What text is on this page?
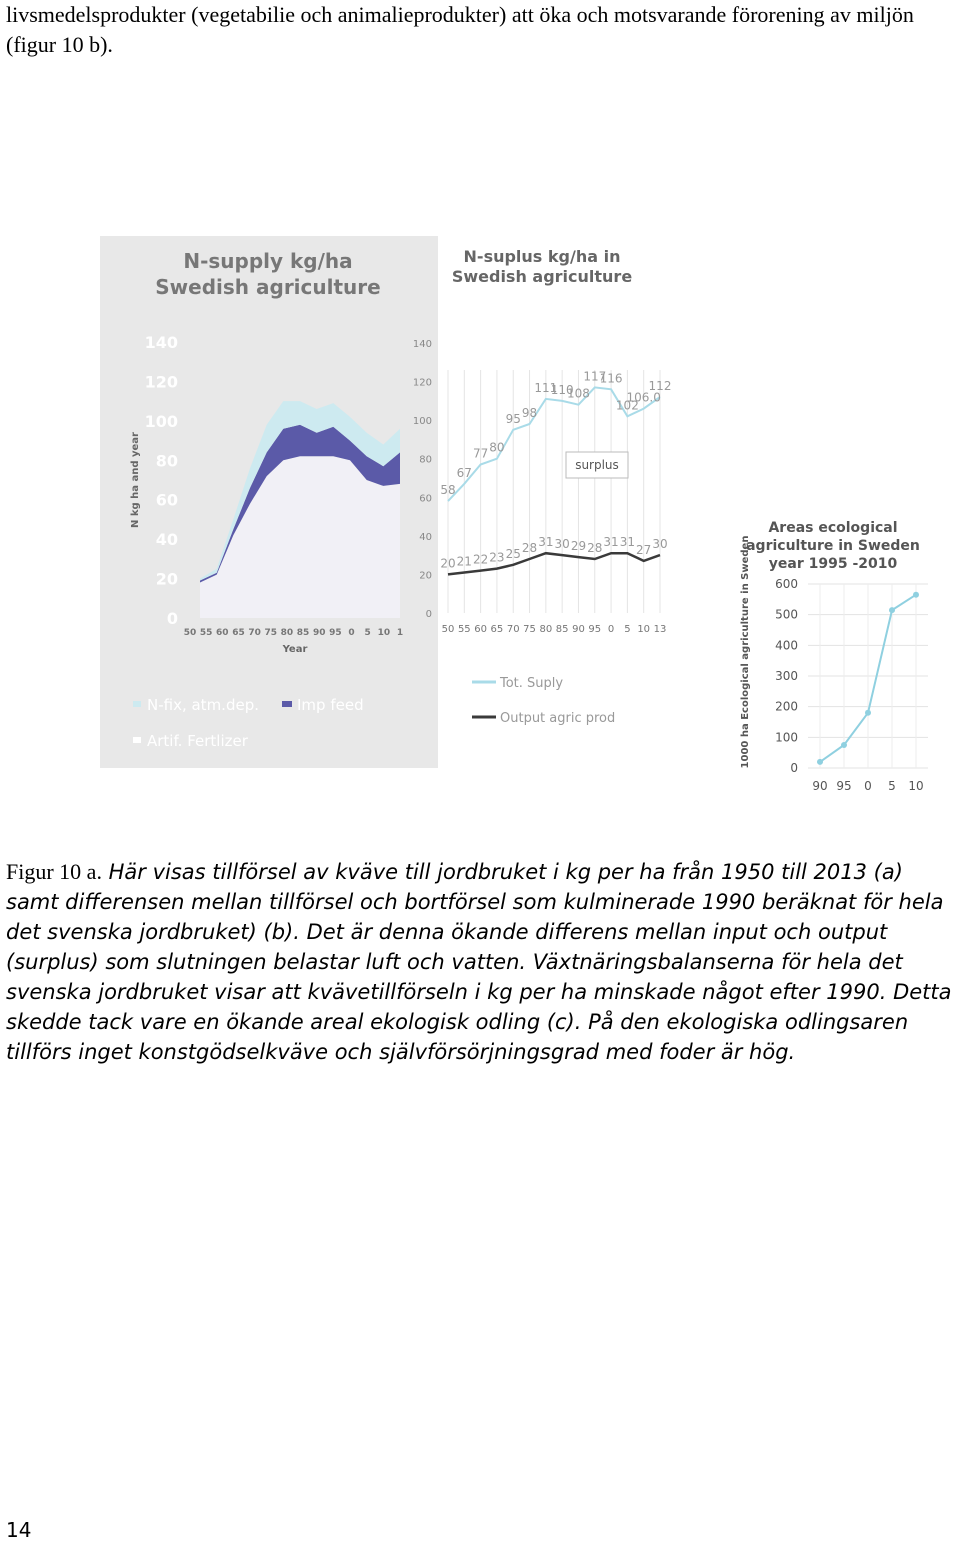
livsmedelsprodukter (vegetabilie och animalieprodukter) att öka och motsvarande förorening av miljön (figur 10 b).

N-supply kg/ha
Swedish agriculture
N kg ha and year
0
20
40
60
80
100
120
140
50 55 60 65 70 75 80 85 90 95 0 5 10 1
Year
N-fix, atm.dep.	Imp feed
Artif. Fertlizer
N-suplus kg/ha in
Swedish agriculture
0
20
40
60
80
100
120
140
58
67
77 80
95 98
111
110
108
117
116
102
106.0
112
20 21 22 23 25 28 31 30 29 28 31 31
27 30
50 55 60 65 70 75 80 85 90 95 0 5 10 13
surplus
Tot. Suply
Output agric prod
Areas ecological
agriculture in Sweden
year 1995 -2010
1000 ha Ecological agriculture in Sweden	0
100
200
300
400
500
600
90 95 0 5 10

Figur 10 a. Här visas tillförsel av kväve till jordbruket i kg per ha från 1950 till 2013 (a) samt differensen mellan tillförsel och bortförsel som kulminerade 1990 beräknat för hela det svenska jordbruket) (b). Det är denna ökande differens mellan input och output (surplus) som slutningen belastar luft och vatten. Växtnäringsbalanserna för hela det svenska jordbruket visar att kvävetillförseln i kg per ha minskade något efter 1990. Detta skedde tack vare en ökande areal ekologisk odling (c). På den ekologiska odlingsaren tillförs inget konstgödselkväve och självförsörjningsgrad med foder är hög.

14
